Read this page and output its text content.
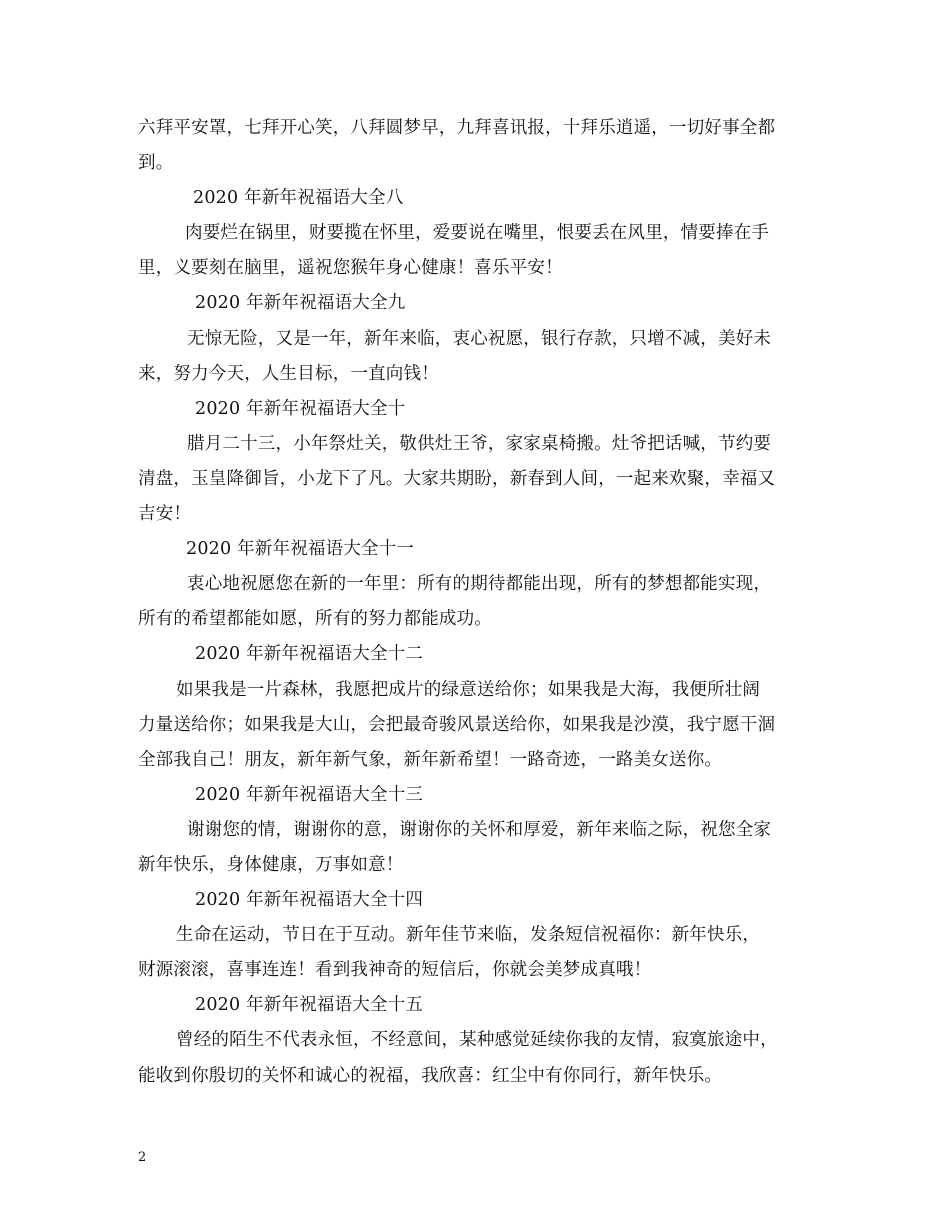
六拜平安罩，七拜开心笑，八拜圆梦早，九拜喜讯报，十拜乐逍遥，一切好事全都
到。
2020 年新年祝福语大全八
肉要烂在锅里，财要揽在怀里，爱要说在嘴里，恨要丢在风里，情要捧在手
里，义要刻在脑里，遥祝您猴年身心健康！喜乐平安！
2020 年新年祝福语大全九
无惊无险，又是一年，新年来临，衷心祝愿，银行存款，只增不减，美好未
来，努力今天，人生目标，一直向钱！
2020 年新年祝福语大全十
腊月二十三，小年祭灶关，敬供灶王爷，家家桌椅搬。灶爷把话喊，节约要
清盘，玉皇降御旨，小龙下了凡。大家共期盼，新春到人间，一起来欢聚，幸福又
吉安！
2020 年新年祝福语大全十一
衷心地祝愿您在新的一年里：所有的期待都能出现，所有的梦想都能实现，
所有的希望都能如愿，所有的努力都能成功。
2020 年新年祝福语大全十二
如果我是一片森林，我愿把成片的绿意送给你；如果我是大海，我便所壮阔
力量送给你；如果我是大山，会把最奇骏风景送给你，如果我是沙漠，我宁愿干涸
全部我自己！朋友，新年新气象，新年新希望！一路奇迹，一路美女送你。
2020 年新年祝福语大全十三
谢谢您的情，谢谢你的意，谢谢你的关怀和厚爱，新年来临之际，祝您全家
新年快乐，身体健康，万事如意！
2020 年新年祝福语大全十四
生命在运动，节日在于互动。新年佳节来临，发条短信祝福你：新年快乐，
财源滚滚，喜事连连！看到我神奇的短信后，你就会美梦成真哦！
2020 年新年祝福语大全十五
曾经的陌生不代表永恒，不经意间，某种感觉延续你我的友情，寂寞旅途中，
能收到你殷切的关怀和诚心的祝福，我欣喜：红尘中有你同行，新年快乐。
2
